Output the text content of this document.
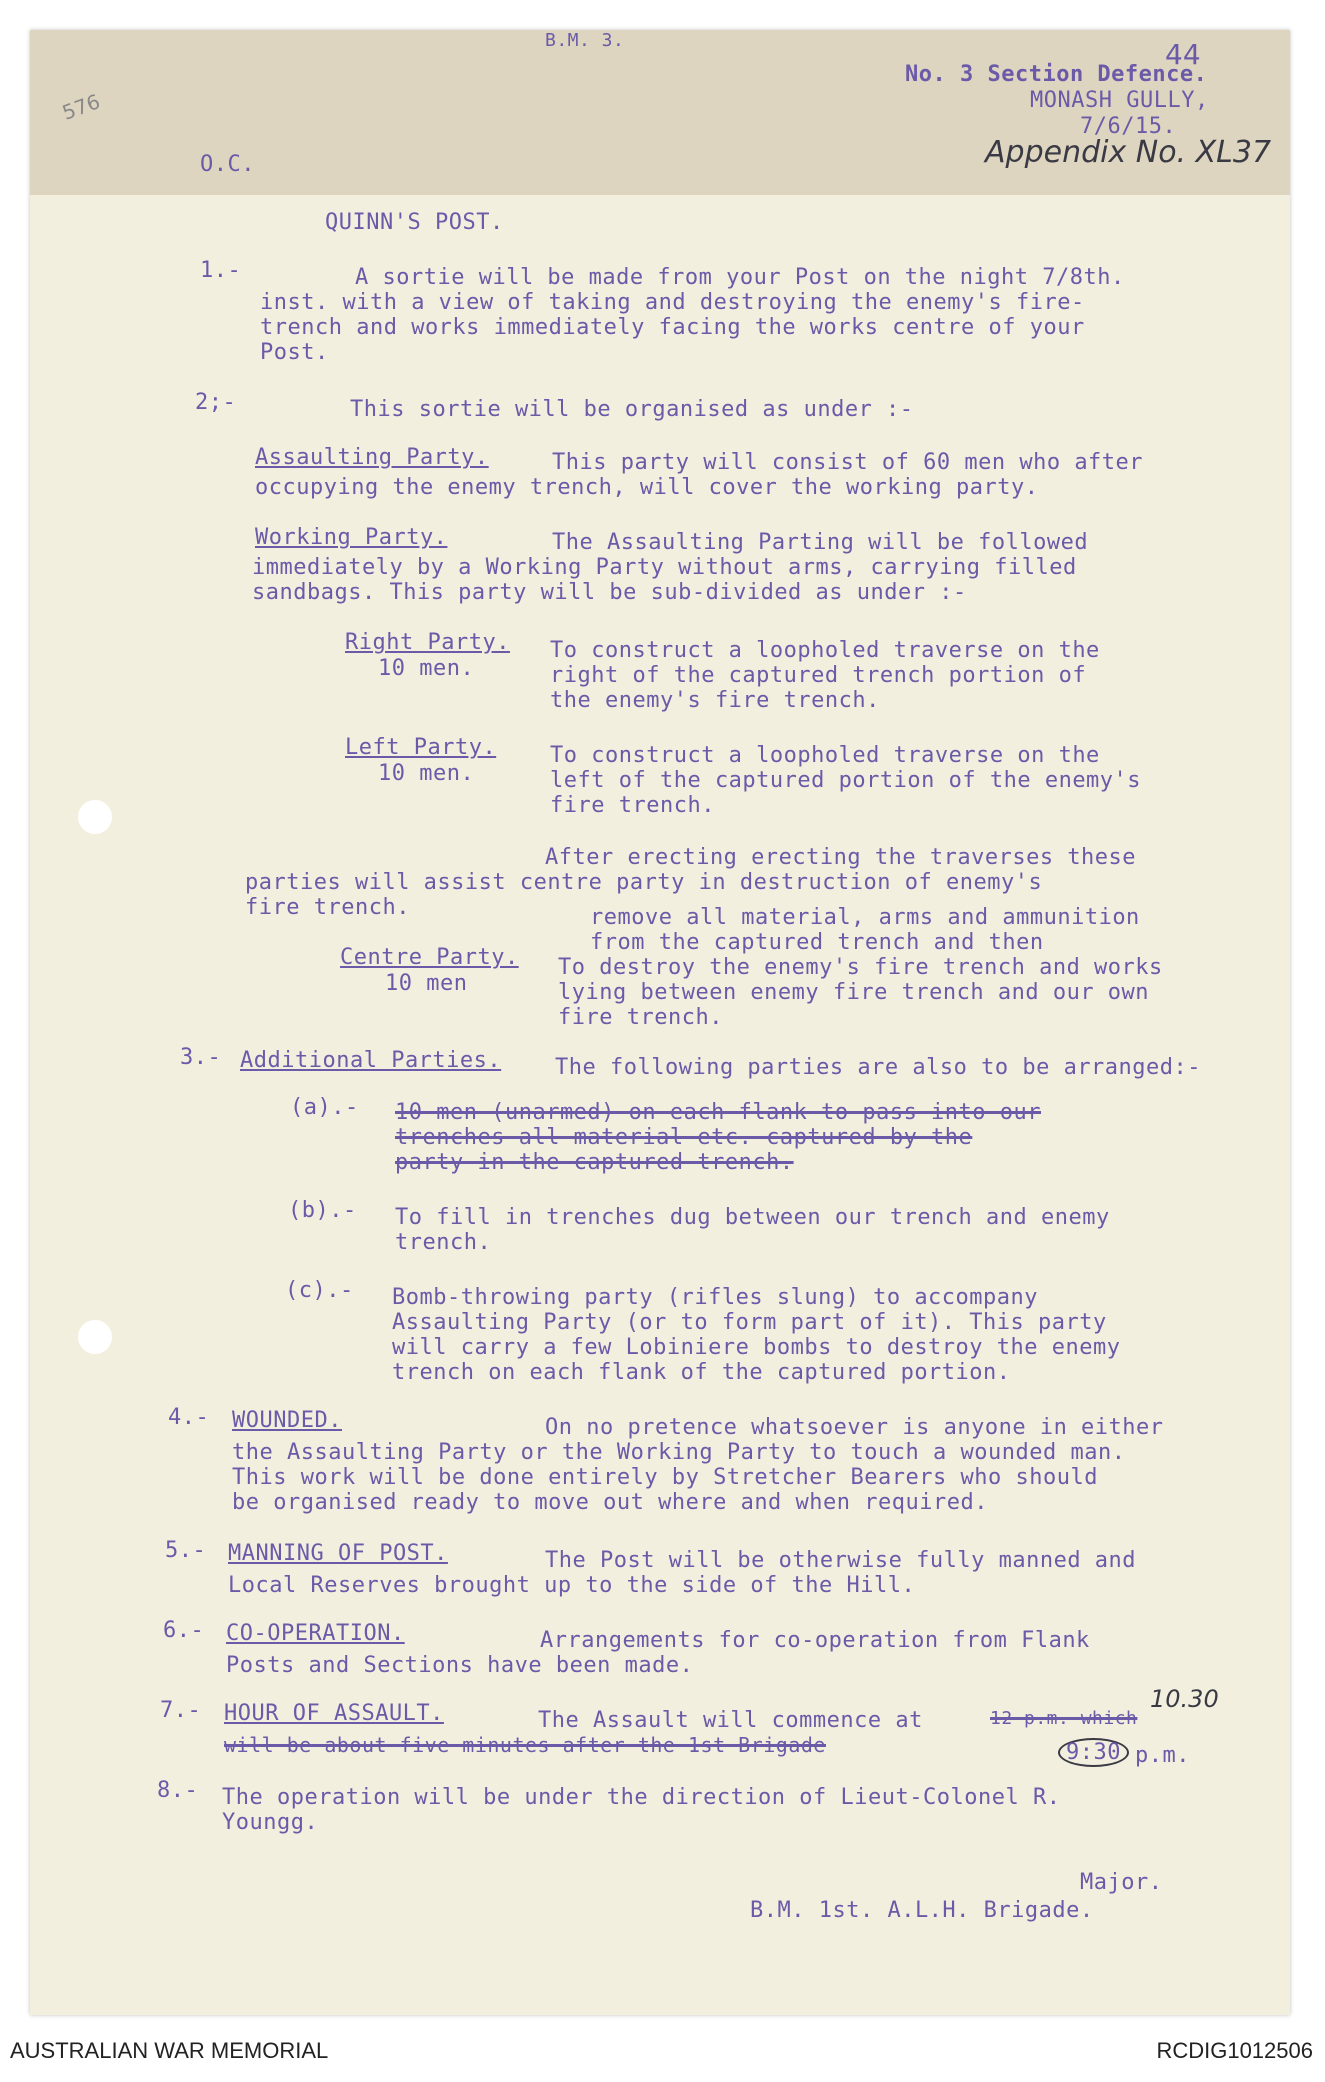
B.M. 3.	44
No. 3 Section Defence.
MONASH GULLY,
7/6/15.
Appendix No. XL37
576
O.C.
QUINN'S POST.
1.-	A sortie will be made from your Post on the night 7/8th.
inst. with a view of taking and destroying the enemy's fire-
trench and works immediately facing the works centre of your
Post.
2;-	This sortie will be organised as under :-
Assaulting Party.	This party will consist of 60 men who after
occupying the enemy trench, will cover the working party.
Working Party.	The Assaulting Parting will be followed
immediately by a Working Party without arms, carrying filled
sandbags. This party will be sub-divided as under :-
Right Party.
10 men.
To construct a loopholed traverse on the
right of the captured trench portion of
the enemy's fire trench.
Left Party.
10 men.
To construct a loopholed traverse on the
left of the captured portion of the enemy's
fire trench.
After erecting erecting the traverses these
parties will assist centre party in destruction of enemy's
fire trench.	remove all material, arms and ammunition
from the captured trench and then
Centre Party.
10 men
To destroy the enemy's fire trench and works
lying between enemy fire trench and our own
fire trench.
3.- Additional Parties. The following parties are also to be arranged:-
(a).- 10 men (unarmed) on each flank to pass into our
trenches all material etc. captured by the
party in the captured trench.
(b).- To fill in trenches dug between our trench and enemy
trench.
(c).- Bomb-throwing party (rifles slung) to accompany
Assaulting Party (or to form part of it). This party
will carry a few Lobiniere bombs to destroy the enemy
trench on each flank of the captured portion.
4.- WOUNDED.	On no pretence whatsoever is anyone in either
the Assaulting Party or the Working Party to touch a wounded man.
This work will be done entirely by Stretcher Bearers who should
be organised ready to move out where and when required.
5.- MANNING OF POST.	The Post will be otherwise fully manned and
Local Reserves brought up to the side of the Hill.
6.- CO-OPERATION.	Arrangements for co-operation from Flank
Posts and Sections have been made.
7.- HOUR OF ASSAULT.	The Assault will commence at	12 p.m. which
will be about five minutes after the 1st Brigade	9:30 p.m.
10.30
8.- The operation will be under the direction of Lieut-Colonel R.
Youngg.
Major.
B.M. 1st. A.L.H. Brigade.
AUSTRALIAN WAR MEMORIAL	RCDIG1012506
